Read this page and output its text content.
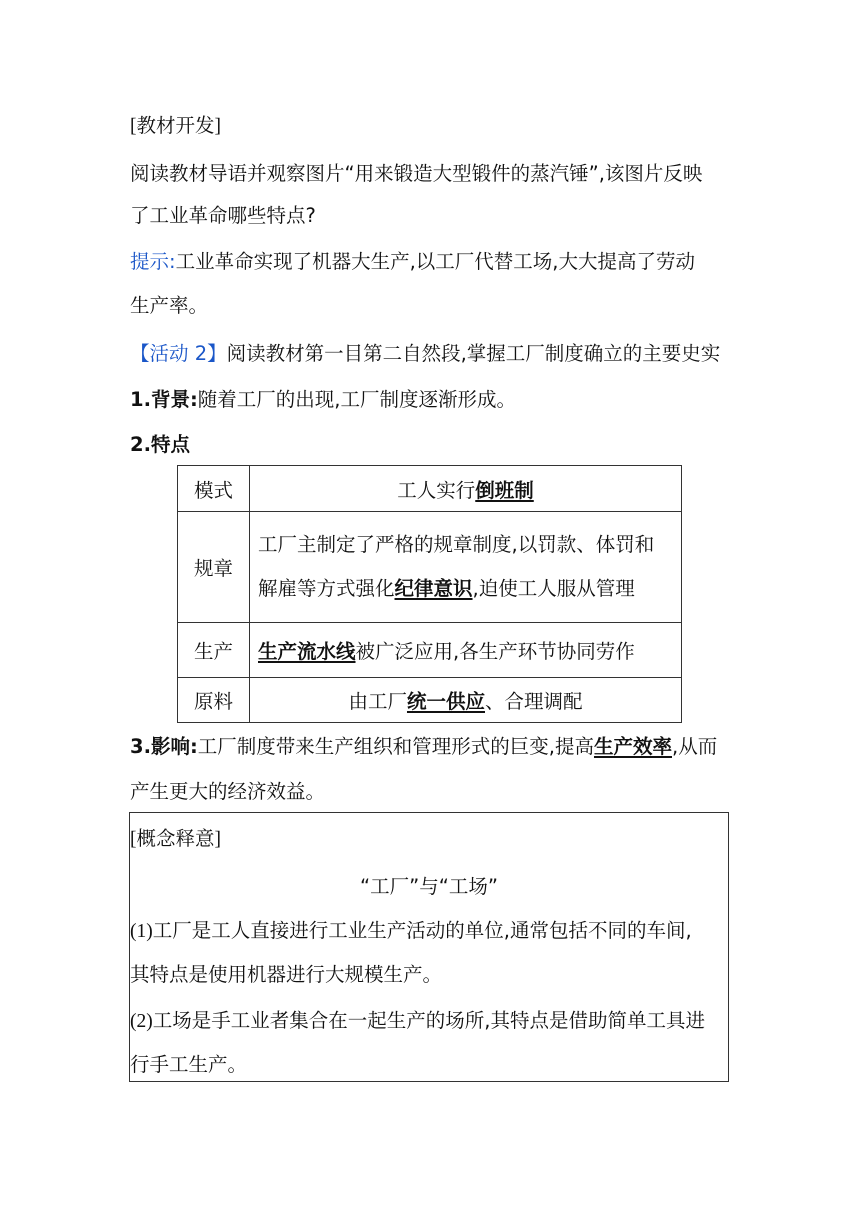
[教材开发]
阅读教材导语并观察图片“用来锻造大型锻件的蒸汽锤”,该图片反映
了工业革命哪些特点?
提示:工业革命实现了机器大生产,以工厂代替工场,大大提高了劳动
生产率。
【活动 2】阅读教材第一目第二自然段,掌握工厂制度确立的主要史实
1.背景:随着工厂的出现,工厂制度逐渐形成。
2.特点
模式	工人实行倒班制
规章	工厂主制定了严格的规章制度,以罚款、体罚和
解雇等方式强化纪律意识,迫使工人服从管理

生产	生产流水线被广泛应用,各生产环节协同劳作
原料	由工厂统一供应、合理调配
3.影响:工厂制度带来生产组织和管理形式的巨变,提高生产效率,从而
产生更大的经济效益。
[概念释意]
“工厂”与“工场”
(1)工厂是工人直接进行工业生产活动的单位,通常包括不同的车间,
其特点是使用机器进行大规模生产。
(2)工场是手工业者集合在一起生产的场所,其特点是借助简单工具进
行手工生产。
